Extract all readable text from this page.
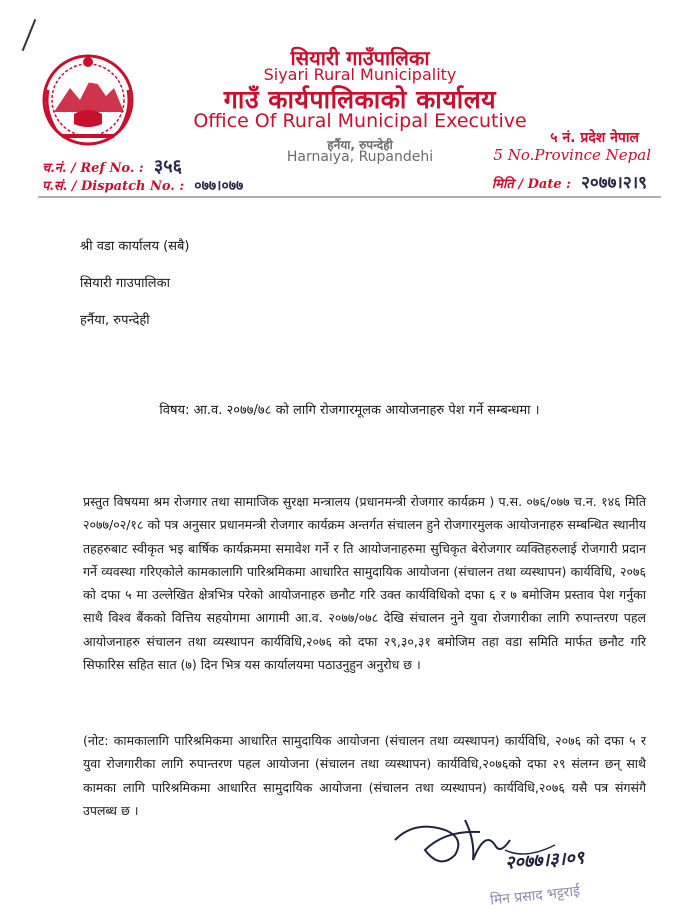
सियारी गाउँपालिका
Siyari Rural Municipality
गाउँ कार्यपालिकाको कार्यालय
Office Of Rural Municipal Executive
हर्नैया, रुपन्देही
Harnaiya, Rupandehi
५ नं. प्रदेश नेपाल
5 No.Province Nepal
च.नं. / Ref No. : ३५६
प.सं. / Dispatch No. : ०७७।०७७	मिति / Date : २०७७।२।९
श्री वडा कार्यालय (सबै)
सियारी गाउपालिका
हर्नैया, रुपन्देही
विषय: आ.व. २०७७/७८ को लागि रोजगारमूलक आयोजनाहरु पेश गर्ने सम्बन्धमा ।
प्रस्तुत विषयमा श्रम रोजगार तथा सामाजिक सुरक्षा मन्त्रालय (प्रधानमन्त्री रोजगार कार्यक्रम ) प.स. ०७६/०७७ च.न. १४६ मिति २०७७/०२/१८ को पत्र अनुसार प्रधानमन्त्री रोजगार कार्यक्रम अन्तर्गत संचालन हुने रोजगारमुलक आयोजनाहरु सम्बन्धित स्थानीय तहहरुबाट स्वीकृत भइ बार्षिक कार्यक्रममा समावेश गर्ने र ति आयोजनाहरुमा सुचिकृत बेरोजगार व्यक्तिहरुलाई रोजगारी प्रदान गर्ने व्यवस्था गरिएकोले कामकालागि पारिश्रमिकमा आधारित सामुदायिक आयोजना (संचालन तथा व्यस्थापन) कार्यविधि, २०७६ को दफा ५ मा उल्लेखित क्षेत्रभित्र परेको आयोजनाहरु छनौट गरि उक्त कार्यविधिको दफा ६ र ७ बमोजिम प्रस्ताव पेश गर्नुका साथै विश्व बैंकको वित्तिय सहयोगमा आगामी आ.व. २०७७/०७८ देखि संचालन नुने युवा रोजगारीका लागि रुपान्तरण पहल आयोजनाहरु संचालन तथा व्यस्थापन कार्यविधि,२०७६ को दफा २९,३०,३१ बमोजिम तहा वडा समिति मार्फत छनौट गरि सिफारिस सहित सात (७) दिन भित्र यस कार्यालयमा पठाउनुहुन अनुरोध छ ।
(नोट: कामकालागि पारिश्रमिकमा आधारित सामुदायिक आयोजना (संचालन तथा व्यस्थापन) कार्यविधि, २०७६ को दफा ५ र युवा रोजगारीका लागि रुपान्तरण पहल आयोजना (संचालन तथा व्यस्थापन) कार्यविधि,२०७६को दफा २९ संलग्न छन् साथै कामका लागि पारिश्रमिकमा आधारित सामुदायिक आयोजना (संचालन तथा व्यस्थापन) कार्यविधि,२०७६ यसै पत्र संगसंगै उपलब्ध छ ।
२०७७।३।०९
मिन प्रसाद भट्टराई
